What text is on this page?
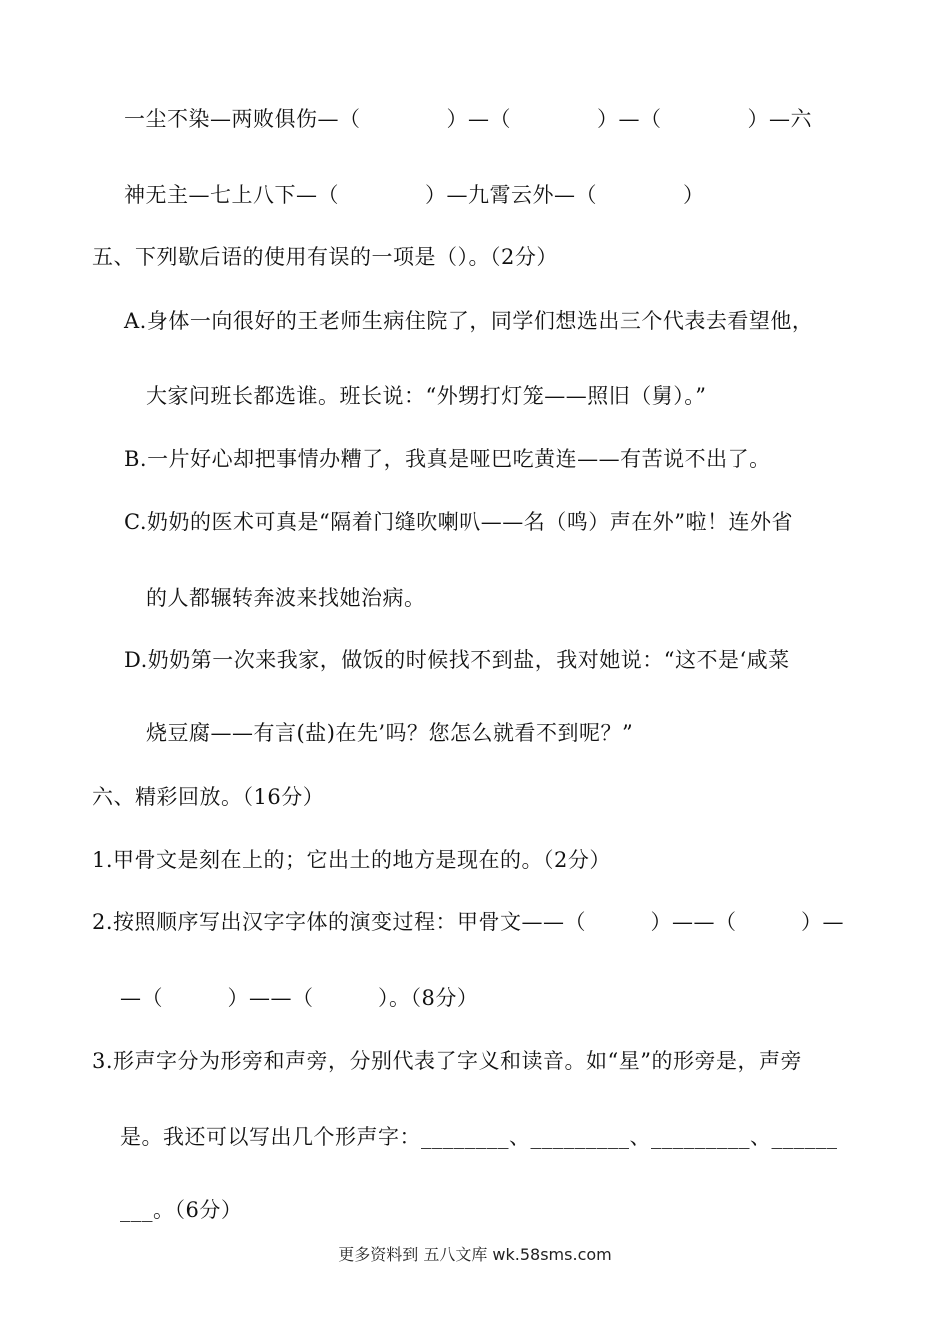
一尘不染—两败俱伤—（　　　　）—（　　　　）—（　　　　）—六
神无主—七上八下—（　　　　）—九霄云外—（　　　　）
五、下列歇后语的使用有误的一项是（）。（2分）
A.身体一向很好的王老师生病住院了，同学们想选出三个代表去看望他，
大家问班长都选谁。班长说：“外甥打灯笼——照旧（舅）。”
B.一片好心却把事情办糟了，我真是哑巴吃黄连——有苦说不出了。
C.奶奶的医术可真是“隔着门缝吹喇叭——名（鸣）声在外”啦！连外省
的人都辗转奔波来找她治病。
D.奶奶第一次来我家，做饭的时候找不到盐，我对她说：“这不是‘咸菜
烧豆腐——有言(盐)在先’吗？您怎么就看不到呢？”
六、精彩回放。（16分）
1.甲骨文是刻在上的；它出土的地方是现在的。（2分）
2.按照顺序写出汉字字体的演变过程：甲骨文——（　　　）——（　　　）—
—（　　　）——（　　　）。（8分）
3.形声字分为形旁和声旁，分别代表了字义和读音。如“星”的形旁是，声旁
是。我还可以写出几个形声字：________、_________、_________、______
___。（6分）
更多资料到 五八文库 wk.58sms.com
